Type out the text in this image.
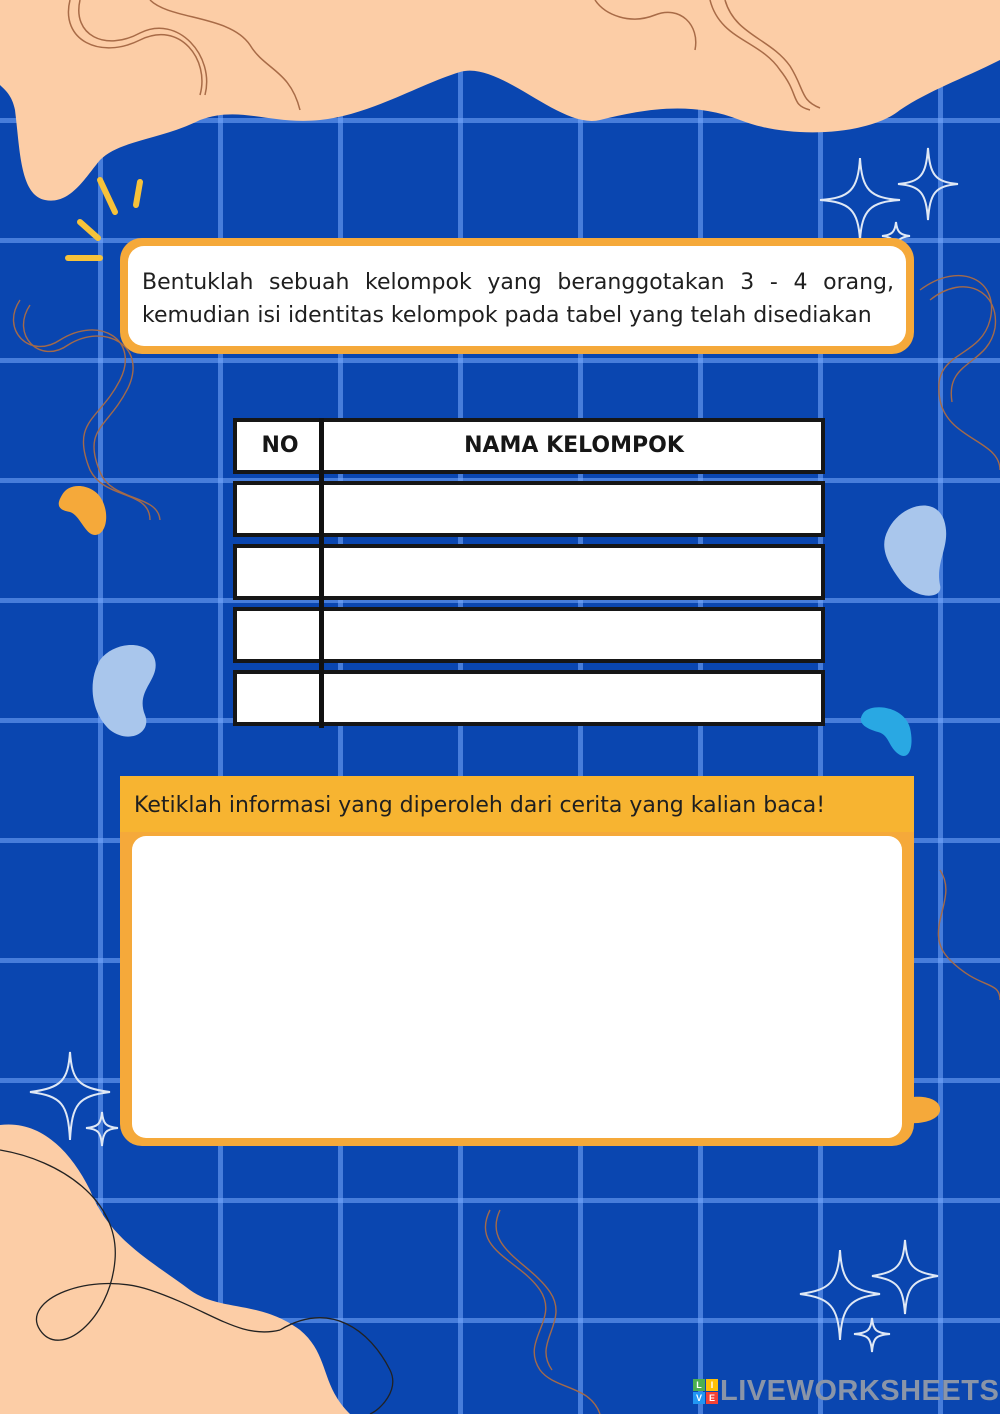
Bentuklah sebuah kelompok yang beranggotakan 3 - 4 orang, kemudian isi identitas kelompok pada tabel yang telah disediakan

NO	NAMA KELOMPOK
Ketiklah informasi yang diperoleh dari cerita yang kalian baca!
L I
V E LIVEWORKSHEETS
